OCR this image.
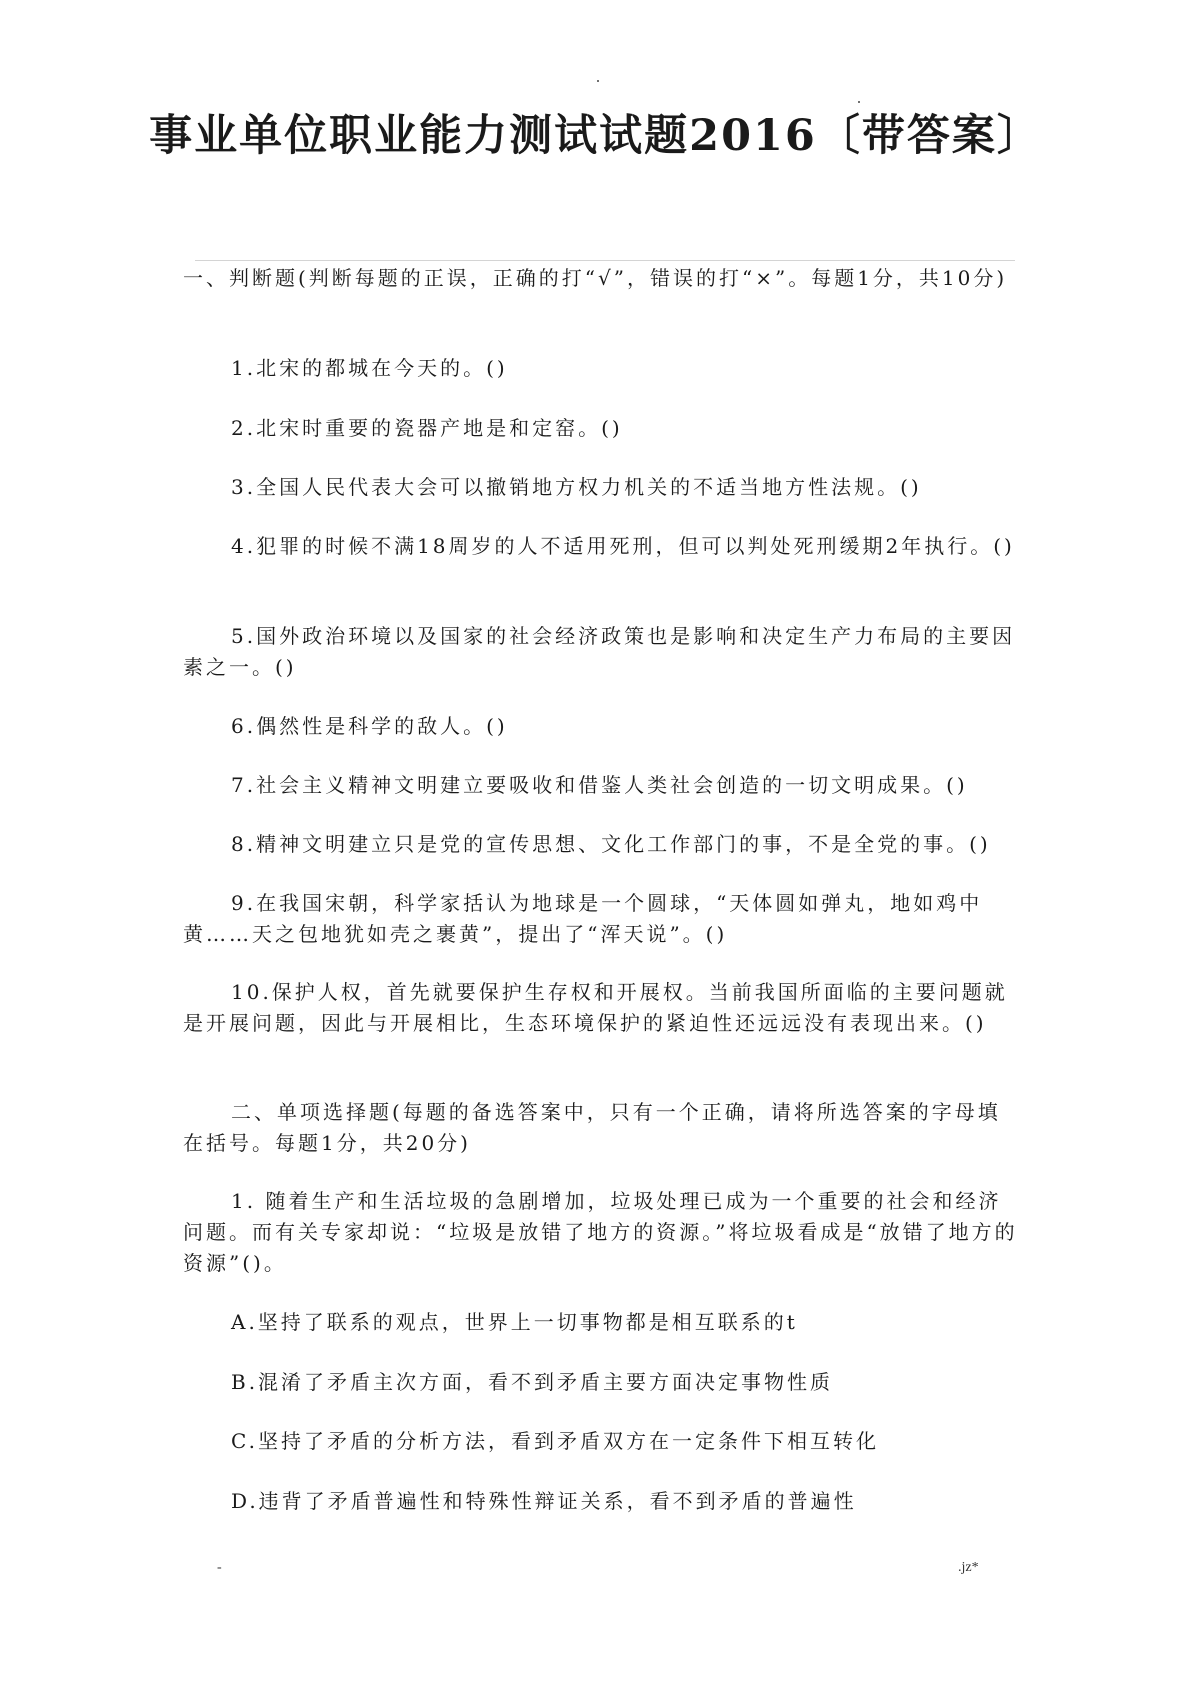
事业单位职业能力测试试题2016〔带答案〕

一、判断题(判断每题的正误，正确的打“√”，错误的打“×”。每题1分，共10分)

1.北宋的都城在今天的。()

2.北宋时重要的瓷器产地是和定窑。()

3.全国人民代表大会可以撤销地方权力机关的不适当地方性法规。()

4.犯罪的时候不满18周岁的人不适用死刑，但可以判处死刑缓期2年执行。()

5.国外政治环境以及国家的社会经济政策也是影响和决定生产力布局的主要因素之一。()

6.偶然性是科学的敌人。()

7.社会主义精神文明建立要吸收和借鉴人类社会创造的一切文明成果。()

8.精神文明建立只是党的宣传思想、文化工作部门的事，不是全党的事。()

9.在我国宋朝，科学家括认为地球是一个圆球，“天体圆如弹丸，地如鸡中黄……天之包地犹如壳之裹黄”，提出了“浑天说”。()

10.保护人权，首先就要保护生存权和开展权。当前我国所面临的主要问题就是开展问题，因此与开展相比，生态环境保护的紧迫性还远远没有表现出来。()

二、单项选择题(每题的备选答案中，只有一个正确，请将所选答案的字母填在括号。每题1分，共20分)

1. 随着生产和生活垃圾的急剧增加，垃圾处理已成为一个重要的社会和经济问题。而有关专家却说：“垃圾是放错了地方的资源。”将垃圾看成是“放错了地方的资源”()。

A.坚持了联系的观点，世界上一切事物都是相互联系的t

B.混淆了矛盾主次方面，看不到矛盾主要方面决定事物性质

C.坚持了矛盾的分析方法，看到矛盾双方在一定条件下相互转化

D.违背了矛盾普遍性和特殊性辩证关系，看不到矛盾的普遍性

-	.jz*
